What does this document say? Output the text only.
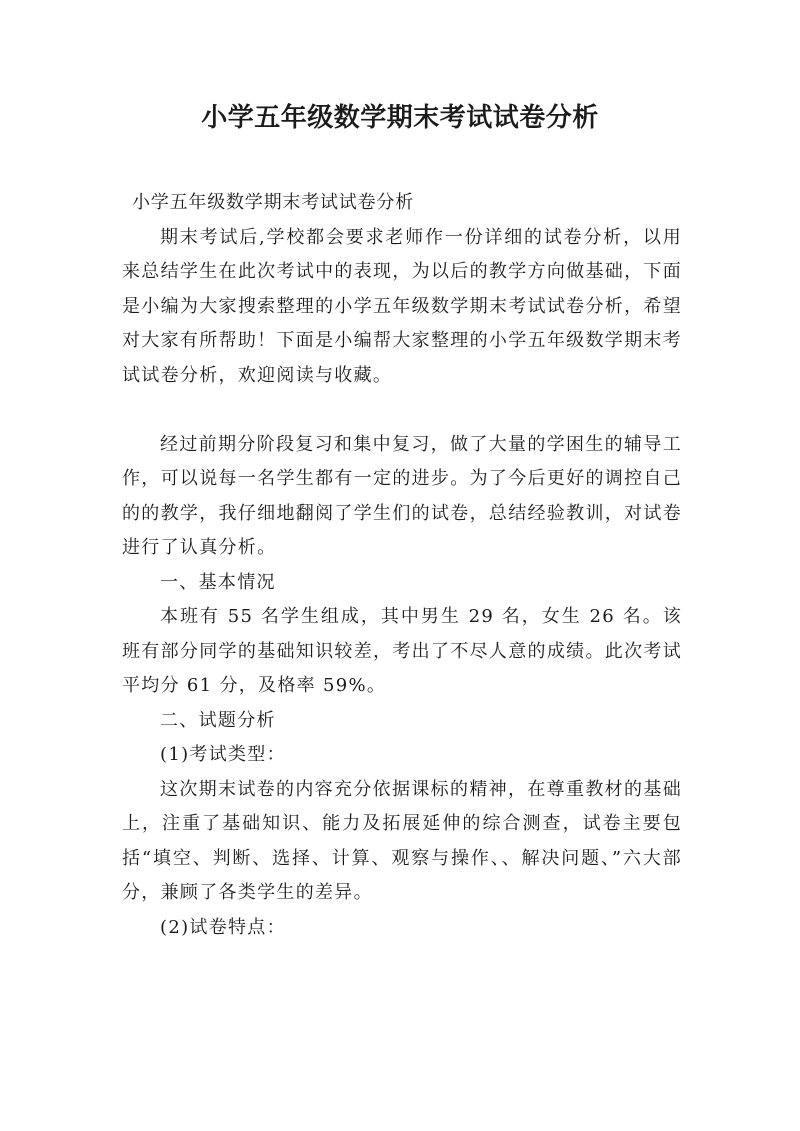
小学五年级数学期末考试试卷分析

小学五年级数学期末考试试卷分析

期末考试后,学校都会要求老师作一份详细的试卷分析，以用来总结学生在此次考试中的表现，为以后的教学方向做基础，下面是小编为大家搜索整理的小学五年级数学期末考试试卷分析，希望对大家有所帮助！下面是小编帮大家整理的小学五年级数学期末考试试卷分析，欢迎阅读与收藏。

经过前期分阶段复习和集中复习，做了大量的学困生的辅导工作，可以说每一名学生都有一定的进步。为了今后更好的调控自己的的教学，我仔细地翻阅了学生们的试卷，总结经验教训，对试卷进行了认真分析。

一、基本情况

本班有 55 名学生组成，其中男生 29 名，女生 26 名。该班有部分同学的基础知识较差，考出了不尽人意的成绩。此次考试平均分 61 分，及格率 59%。

二、试题分析

(1)考试类型：

这次期末试卷的内容充分依据课标的精神，在尊重教材的基础上，注重了基础知识、能力及拓展延伸的综合测查，试卷主要包括“填空、判断、选择、计算、观察与操作、、解决问题、”六大部分，兼顾了各类学生的差异。

(2)试卷特点：
